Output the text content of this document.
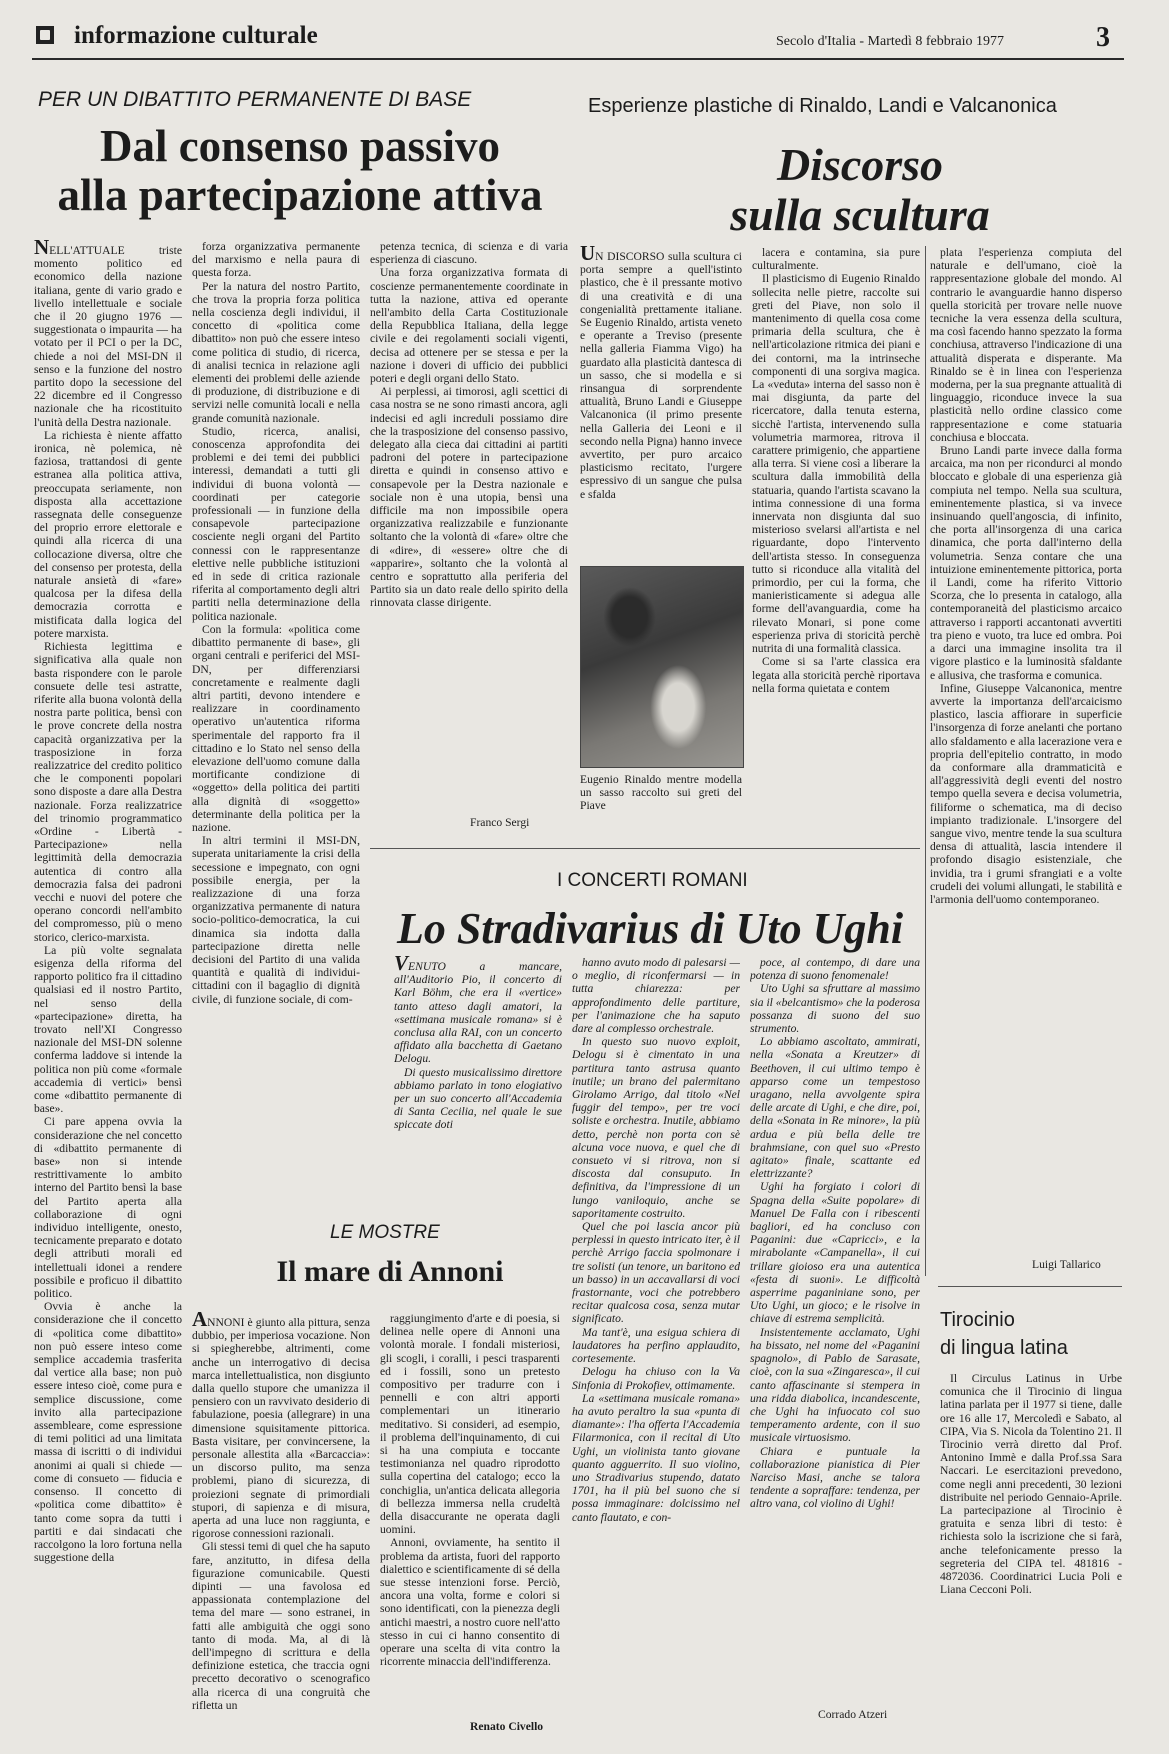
informazione culturale	Secolo d'Italia - Martedì 8 febbraio 1977	3
PER UN DIBATTITO PERMANENTE DI BASE
Dal consenso passivo
alla partecipazione attiva

NELL'ATTUALE triste momento politico ed economico della nazione italiana, gente di vario grado e livello intellettuale e sociale che il 20 giugno 1976 — suggestionata o impaurita — ha votato per il PCI o per la DC, chiede a noi del MSI-DN il senso e la funzione del nostro partito dopo la secessione del 22 dicembre ed il Congresso nazionale che ha ricostituito l'unità della Destra nazionale.

La richiesta è niente affatto ironica, nè polemica, nè faziosa, trattandosi di gente estranea alla politica attiva, preoccupata seriamente, non disposta alla accettazione rassegnata delle conseguenze del proprio errore elettorale e quindi alla ricerca di una collocazione diversa, oltre che del consenso per protesta, della naturale ansietà di «fare» qualcosa per la difesa della democrazia corrotta e mistificata dalla logica del potere marxista.

Richiesta legittima e significativa alla quale non basta rispondere con le parole consuete delle tesi astratte, riferite alla buona volontà della nostra parte politica, bensì con le prove concrete della nostra capacità organizzativa per la trasposizione in forza realizzatrice del credito politico che le componenti popolari sono disposte a dare alla Destra nazionale. Forza realizzatrice del trinomio programmatico «Ordine - Libertà - Partecipazione» nella legittimità della democrazia autentica di contro alla democrazia falsa dei padroni vecchi e nuovi del potere che operano concordi nell'ambito del compromesso, più o meno storico, clerico-marxista.

La più volte segnalata esigenza della riforma del rapporto politico fra il cittadino qualsiasi ed il nostro Partito, nel senso della «partecipazione» diretta, ha trovato nell'XI Congresso nazionale del MSI-DN solenne conferma laddove si intende la politica non più come «formale accademia di vertici» bensì come «dibattito permanente di base».

Ci pare appena ovvia la considerazione che nel concetto di «dibattito permanente di base» non si intende restrittivamente lo ambito interno del Partito bensì la base del Partito aperta alla collaborazione di ogni individuo intelligente, onesto, tecnicamente preparato e dotato degli attributi morali ed intellettuali idonei a rendere possibile e proficuo il dibattito politico.

Ovvia è anche la considerazione che il concetto di «politica come dibattito» non può essere inteso come semplice accademia trasferita dal vertice alla base; non può essere inteso cioè, come pura e semplice discussione, come invito alla partecipazione assembleare, come espressione di temi politici ad una limitata massa di iscritti o di individui anonimi ai quali si chiede — come di consueto — fiducia e consenso. Il concetto di «politica come dibattito» è tanto come sopra da tutti i partiti e dai sindacati che raccolgono la loro fortuna nella suggestione della

forza organizzativa permanente del marxismo e nella paura di questa forza.

Per la natura del nostro Partito, che trova la propria forza politica nella coscienza degli individui, il concetto di «politica come dibattito» non può che essere inteso come politica di studio, di ricerca, di analisi tecnica in relazione agli elementi dei problemi delle aziende di produzione, di distribuzione e di servizi nelle comunità locali e nella grande comunità nazionale.

Studio, ricerca, analisi, conoscenza approfondita dei problemi e dei temi dei pubblici interessi, demandati a tutti gli individui di buona volontà — coordinati per categorie professionali — in funzione della consapevole partecipazione cosciente negli organi del Partito connessi con le rappresentanze elettive nelle pubbliche istituzioni ed in sede di critica razionale riferita al comportamento degli altri partiti nella determinazione della politica nazionale.

Con la formula: «politica come dibattito permanente di base», gli organi centrali e periferici del MSI-DN, per differenziarsi concretamente e realmente dagli altri partiti, devono intendere e realizzare in coordinamento operativo un'autentica riforma sperimentale del rapporto fra il cittadino e lo Stato nel senso della elevazione dell'uomo comune dalla mortificante condizione di «oggetto» della politica dei partiti alla dignità di «soggetto» determinante della politica per la nazione.

In altri termini il MSI-DN, superata unitariamente la crisi della secessione e impegnato, con ogni possibile energia, per la realizzazione di una forza organizzativa permanente di natura socio-politico-democratica, la cui dinamica sia indotta dalla partecipazione diretta nelle decisioni del Partito di una valida quantità e qualità di individui-cittadini con il bagaglio di dignità civile, di funzione sociale, di com-

petenza tecnica, di scienza e di varia esperienza di ciascuno.

Una forza organizzativa formata di coscienze permanentemente coordinate in tutta la nazione, attiva ed operante nell'ambito della Carta Costituzionale della Repubblica Italiana, della legge civile e dei regolamenti sociali vigenti, decisa ad ottenere per se stessa e per la nazione i doveri di ufficio dei pubblici poteri e degli organi dello Stato.

Ai perplessi, ai timorosi, agli scettici di casa nostra se ne sono rimasti ancora, agli indecisi ed agli increduli possiamo dire che la trasposizione del consenso passivo, delegato alla cieca dai cittadini ai partiti padroni del potere in partecipazione diretta e quindi in consenso attivo e consapevole per la Destra nazionale e sociale non è una utopia, bensì una difficile ma non impossibile opera organizzativa realizzabile e funzionante soltanto che la volontà di «fare» oltre che di «dire», di «essere» oltre che di «apparire», soltanto che la volontà al centro e soprattutto alla periferia del Partito sia un dato reale dello spirito della rinnovata classe dirigente.

Franco Sergi
Esperienze plastiche di Rinaldo, Landi e Valcanonica
Discorso
sulla scultura

UN DISCORSO sulla scultura ci porta sempre a quell'istinto plastico, che è il pressante motivo di una creatività e di una congenialità prettamente italiane. Se Eugenio Rinaldo, artista veneto e operante a Treviso (presente nella galleria Fiamma Vigo) ha guardato alla plasticità dantesca di un sasso, che si modella e si rinsangua di sorprendente attualità, Bruno Landi e Giuseppe Valcanonica (il primo presente nella Galleria dei Leoni e il secondo nella Pigna) hanno invece avvertito, per puro arcaico plasticismo recitato, l'urgere espressivo di un sangue che pulsa e sfalda

Eugenio Rinaldo mentre modella un sasso raccolto sui greti del Piave

lacera e contamina, sia pure culturalmente.

Il plasticismo di Eugenio Rinaldo sollecita nelle pietre, raccolte sui greti del Piave, non solo il mantenimento di quella cosa come primaria della scultura, che è nell'articolazione ritmica dei piani e dei contorni, ma la intrinseche componenti di una sorgiva magica. La «veduta» interna del sasso non è mai disgiunta, da parte del ricercatore, dalla tenuta esterna, sicchè l'artista, intervenendo sulla volumetria marmorea, ritrova il carattere primigenio, che appartiene alla terra. Si viene così a liberare la scultura dalla immobilità della statuaria, quando l'artista scavano la intima connessione di una forma innervata non disgiunta dal suo misterioso svelarsi all'artista e nel riguardante, dopo l'intervento dell'artista stesso. In conseguenza tutto si riconduce alla vitalità del primordio, per cui la forma, che manieristicamente si adegua alle forme dell'avanguardia, come ha rilevato Monari, si pone come esperienza priva di storicità perchè nutrita di una formalità classica.

Come si sa l'arte classica era legata alla storicità perchè riportava nella forma quietata e contem

plata l'esperienza compiuta del naturale e dell'umano, cioè la rappresentazione globale del mondo. Al contrario le avanguardie hanno disperso quella storicità per trovare nelle nuove tecniche la vera essenza della scultura, ma così facendo hanno spezzato la forma conchiusa, attraverso l'indicazione di una attualità disperata e disperante. Ma Rinaldo se è in linea con l'esperienza moderna, per la sua pregnante attualità di linguaggio, riconduce invece la sua plasticità nello ordine classico come rappresentazione e come statuaria conchiusa e bloccata.

Bruno Landi parte invece dalla forma arcaica, ma non per ricondurci al mondo bloccato e globale di una esperienza già compiuta nel tempo. Nella sua scultura, eminentemente plastica, si va invece insinuando quell'angoscia, di infinito, che porta all'insorgenza di una carica dinamica, che porta dall'interno della volumetria. Senza contare che una intuizione eminentemente pittorica, porta il Landi, come ha riferito Vittorio Scorza, che lo presenta in catalogo, alla contemporaneità del plasticismo arcaico attraverso i rapporti accantonati avvertiti tra pieno e vuoto, tra luce ed ombra. Poi a darci una immagine insolita tra il vigore plastico e la luminosità sfaldante e allusiva, che trasforma e comunica.

Infine, Giuseppe Valcanonica, mentre avverte la importanza dell'arcaicismo plastico, lascia affiorare in superficie l'insorgenza di forze anelanti che portano allo sfaldamento e alla lacerazione vera e propria dell'epitelio contratto, in modo da conformare alla drammaticità e all'aggressività degli eventi del nostro tempo quella severa e decisa volumetria, filiforme o schematica, ma di deciso impianto tradizionale. L'insorgere del sangue vivo, mentre tende la sua scultura densa di attualità, lascia intendere il profondo disagio esistenziale, che invidia, tra i grumi sfrangiati e a volte crudeli dei volumi allungati, le stabilità e l'armonia dell'uomo contemporaneo.

Luigi Tallarico
I CONCERTI ROMANI
Lo Stradivarius di Uto Ughi

VENUTO a mancare, all'Auditorio Pio, il concerto di Karl Böhm, che era il «vertice» tanto atteso dagli amatori, la «settimana musicale romana» si è conclusa alla RAI, con un concerto affidato alla bacchetta di Gaetano Delogu.

Di questo musicalissimo direttore abbiamo parlato in tono elogiativo per un suo concerto all'Accademia di Santa Cecilia, nel quale le sue spiccate doti

hanno avuto modo di palesarsi — o meglio, di riconfermarsi — in tutta chiarezza: per approfondimento delle partiture, per l'animazione che ha saputo dare al complesso orchestrale.

In questo suo nuovo exploit, Delogu si è cimentato in una partitura tanto astrusa quanto inutile; un brano del palermitano Girolamo Arrigo, dal titolo «Nel fuggir del tempo», per tre voci soliste e orchestra. Inutile, abbiamo detto, perchè non porta con sè alcuna voce nuova, e quel che di consueto vi si ritrova, non si discosta dal consuputo. In definitiva, da l'impressione di un lungo vaniloquio, anche se saporitamente costruito.

Quel che poi lascia ancor più perplessi in questo intricato iter, è il perchè Arrigo faccia spolmonare i tre solisti (un tenore, un baritono ed un basso) in un accavallarsi di voci frastornante, voci che potrebbero recitar qualcosa cosa, senza mutar significato.

Ma tant'è, una esigua schiera di laudatores ha perfino applaudito, cortesemente.

Delogu ha chiuso con la Va Sinfonia di Prokofiev, ottimamente.

La «settimana musicale romana» ha avuto peraltro la sua «punta di diamante»: l'ha offerta l'Accademia Filarmonica, con il recital di Uto Ughi, un violinista tanto giovane quanto agguerrito. Il suo violino, uno Stradivarius stupendo, datato 1701, ha il più bel suono che si possa immaginare: dolcissimo nel canto flautato, e con-

poce, al contempo, di dare una potenza di suono fenomenale!

Uto Ughi sa sfruttare al massimo sia il «belcantismo» che la poderosa possanza di suono del suo strumento.

Lo abbiamo ascoltato, ammirati, nella «Sonata a Kreutzer» di Beethoven, il cui ultimo tempo è apparso come un tempestoso uragano, nella avvolgente spira delle arcate di Ughi, e che dire, poi, della «Sonata in Re minore», la più ardua e più bella delle tre brahmsiane, con quel suo «Presto agitato» finale, scattante ed elettrizzante?

Ughi ha forgiato i colori di Spagna della «Suite popolare» di Manuel De Falla con i ribescenti bagliori, ed ha concluso con Paganini: due «Capricci», e la mirabolante «Campanella», il cui trillare gioioso era una autentica «festa di suoni». Le difficoltà asperrime paganiniane sono, per Uto Ughi, un gioco; e le risolve in chiave di estrema semplicità.

Insistentemente acclamato, Ughi ha bissato, nel nome del «Paganini spagnolo», di Pablo de Sarasate, cioè, con la sua «Zingaresca», il cui canto affascinante si stempera in una ridda diabolica, incandescente, che Ughi ha infuocato col suo temperamento ardente, con il suo musicale virtuosismo.

Chiara e puntuale la collaborazione pianistica di Pier Narciso Masi, anche se talora tendente a sopraffare: tendenza, per altro vana, col violino di Ughi!

Corrado Atzeri
LE MOSTRE
Il mare di Annoni

ANNONI è giunto alla pittura, senza dubbio, per imperiosa vocazione. Non si spiegherebbe, altrimenti, come anche un interrogativo di decisa marca intellettualistica, non disgiunto dalla quello stupore che umanizza il pensiero con un ravvivato desiderio di fabulazione, poesia (allegrare) in una dimensione squisitamente pittorica. Basta visitare, per convincersene, la personale allestita alla «Barcaccia»: un discorso pulito, ma senza problemi, piano di sicurezza, di proiezioni segnate di primordiali stupori, di sapienza e di misura, aperta ad una luce non raggiunta, e rigorose connessioni razionali.

Gli stessi temi di quel che ha saputo fare, anzitutto, in difesa della figurazione comunicabile. Questi dipinti — una favolosa ed appassionata contemplazione del tema del mare — sono estranei, in fatti alle ambiguità che oggi sono tanto di moda. Ma, al di là dell'impegno di scrittura e della definizione estetica, che traccia ogni precetto decorativo o scenografico alla ricerca di una congruità che rifletta un

raggiungimento d'arte e di poesia, si delinea nelle opere di Annoni una volontà morale. I fondali misteriosi, gli scogli, i coralli, i pesci trasparenti ed i fossili, sono un pretesto compositivo per tradurre con i pennelli e con altri apporti complementari un itinerario meditativo. Si consideri, ad esempio, il problema dell'inquinamento, di cui si ha una compiuta e toccante testimonianza nel quadro riprodotto sulla copertina del catalogo; ecco la conchiglia, un'antica delicata allegoria di bellezza immersa nella crudeltà della disaccurante ne operata dagli uomini.

Annoni, ovviamente, ha sentito il problema da artista, fuori del rapporto dialettico e scientificamente di sé della sue stesse intenzioni forse. Perciò, ancora una volta, forme e colori si sono identificati, con la pienezza degli antichi maestri, a nostro cuore nell'atto stesso in cui ci hanno consentito di operare una scelta di vita contro la ricorrente minaccia dell'indifferenza.

Renato Civello
Tirocinio
di lingua latina

Il Circulus Latinus in Urbe comunica che il Tirocinio di lingua latina parlata per il 1977 si tiene, dalle ore 16 alle 17, Mercoledì e Sabato, al CIPA, Via S. Nicola da Tolentino 21. Il Tirocinio verrà diretto dal Prof. Antonino Immè e dalla Prof.ssa Sara Naccari. Le esercitazioni prevedono, come negli anni precedenti, 30 lezioni distribuite nel periodo Gennaio-Aprile. La partecipazione al Tirocinio è gratuita e senza libri di testo: è richiesta solo la iscrizione che si farà, anche telefonicamente presso la segreteria del CIPA tel. 481816 - 4872036. Coordinatrici Lucia Poli e Liana Cecconi Poli.
